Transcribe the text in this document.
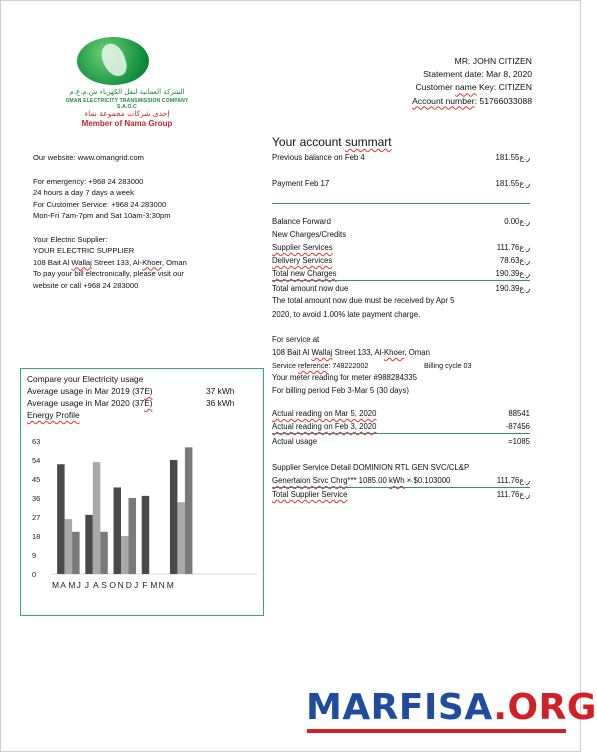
الشركة العمانية لنقل الكهرباء ش.م.ع.م
OMAN ELECTRICITY TRANSMISSION COMPANY S.A.O.C
إحدى شركات مجموعة نماء
Member of Nama Group
MR. JOHN CITIZEN
Statement date: Mar 8, 2020
Customer name Key: CITIZEN
Account number: 51766033088

Our website: www.omangrid.com

For emergency: +968 24 283000

24 hours a day 7 days a week

For Customer Service: +968 24 283000

Mon-Fri 7am-7pm and Sat 10am-3:30pm

Your Electric Supplier:

YOUR ELECTRIC SUPPLIER

108 Bait Al Wallaj Street 133, Al-Khoer, Oman

To pay your bill electronically, please visit our

website or call +968 24 283000

Your account summart
Previous balance on Feb 4	ر.ع181.55
Payment Feb 17	ر.ع181.55
Balance Forward	ر.ع0.00
New Charges/Credits
Supplier Services	ر.ع111.76
Delivery Services	ر.ع78.63
Total new Charges	ر.ع190.39
Total amount now due	ر.ع190.39
The total amount now due must be received by Apr 5
2020, to avoid 1.00% late payment charge.
For service at
108 Bait Al Wallaj Street 133, Al-Khoer, Oman
Service reference: 748222002	Billing cycle 03
Your meter reading for meter #988284335
For billing period Feb 3-Mar 5 (30 days)
Actual reading on Mar 5, 2020	88541
Actual reading on Feb 3, 2020	-87456
Actual usage	=1085
Supplier Service Detail DOMINION RTL GEN SVC/CL&P
Genertaion Srvc Chrg*** 1085.00 kWh × $0.103000	ر.ع111.76
Total Supplier Service	ر.ع111.76
Compare your Electricity usage
Average usage in Mar 2019 (37E)	37 kWh
Average usage in Mar 2020 (37E)	36 kWh
Energy Profile
0
9
18
27
36
45
54
63
M A M J J A S O N D J F M N M
MARFISA.ORG
